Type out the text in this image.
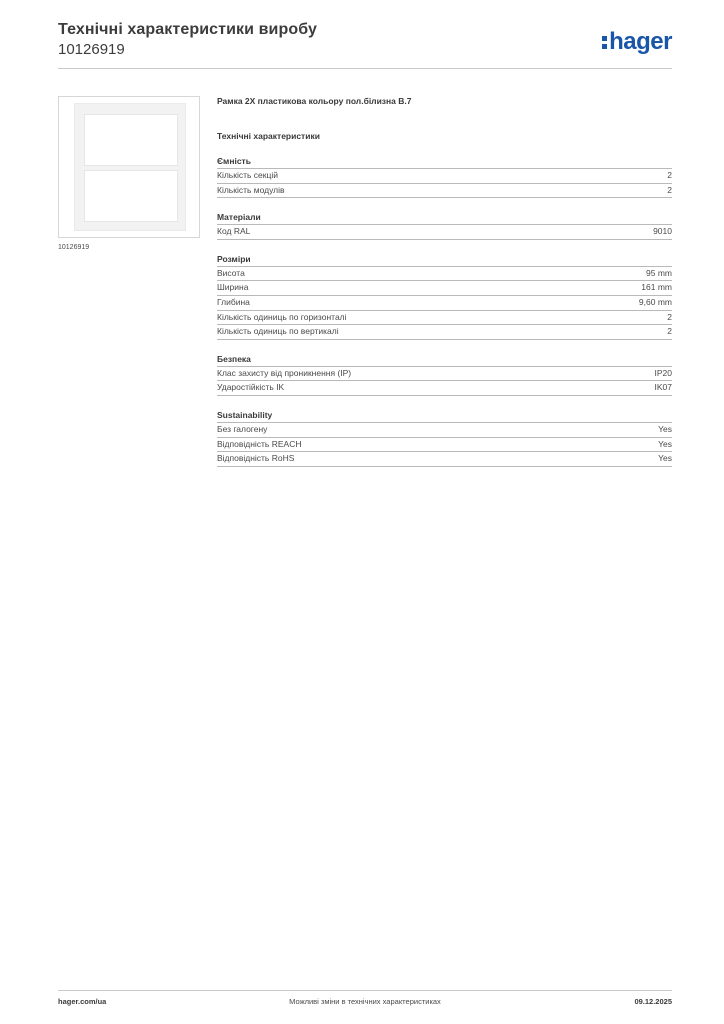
Технічні характеристики виробу
10126919	hager
10126919
Рамка 2X пластикова кольору пол.білизна B.7
Технічні характеристики
Ємність
Кількість секцій	2
Кількість модулів	2
Матеріали
Код RAL	9010
Розміри
Висота	95 mm
Ширина	161 mm
Глибина	9,60 mm
Кількість одиниць по горизонталі	2
Кількість одиниць по вертикалі	2
Безпека
Клас захисту від проникнення (IP)	IP20
Ударостійкість IK	IK07
Sustainability
Без галогену	Yes
Відповідність REACH	Yes
Відповідність RoHS	Yes
hager.com/ua	Можливі зміни в технічних характеристиках	09.12.2025
